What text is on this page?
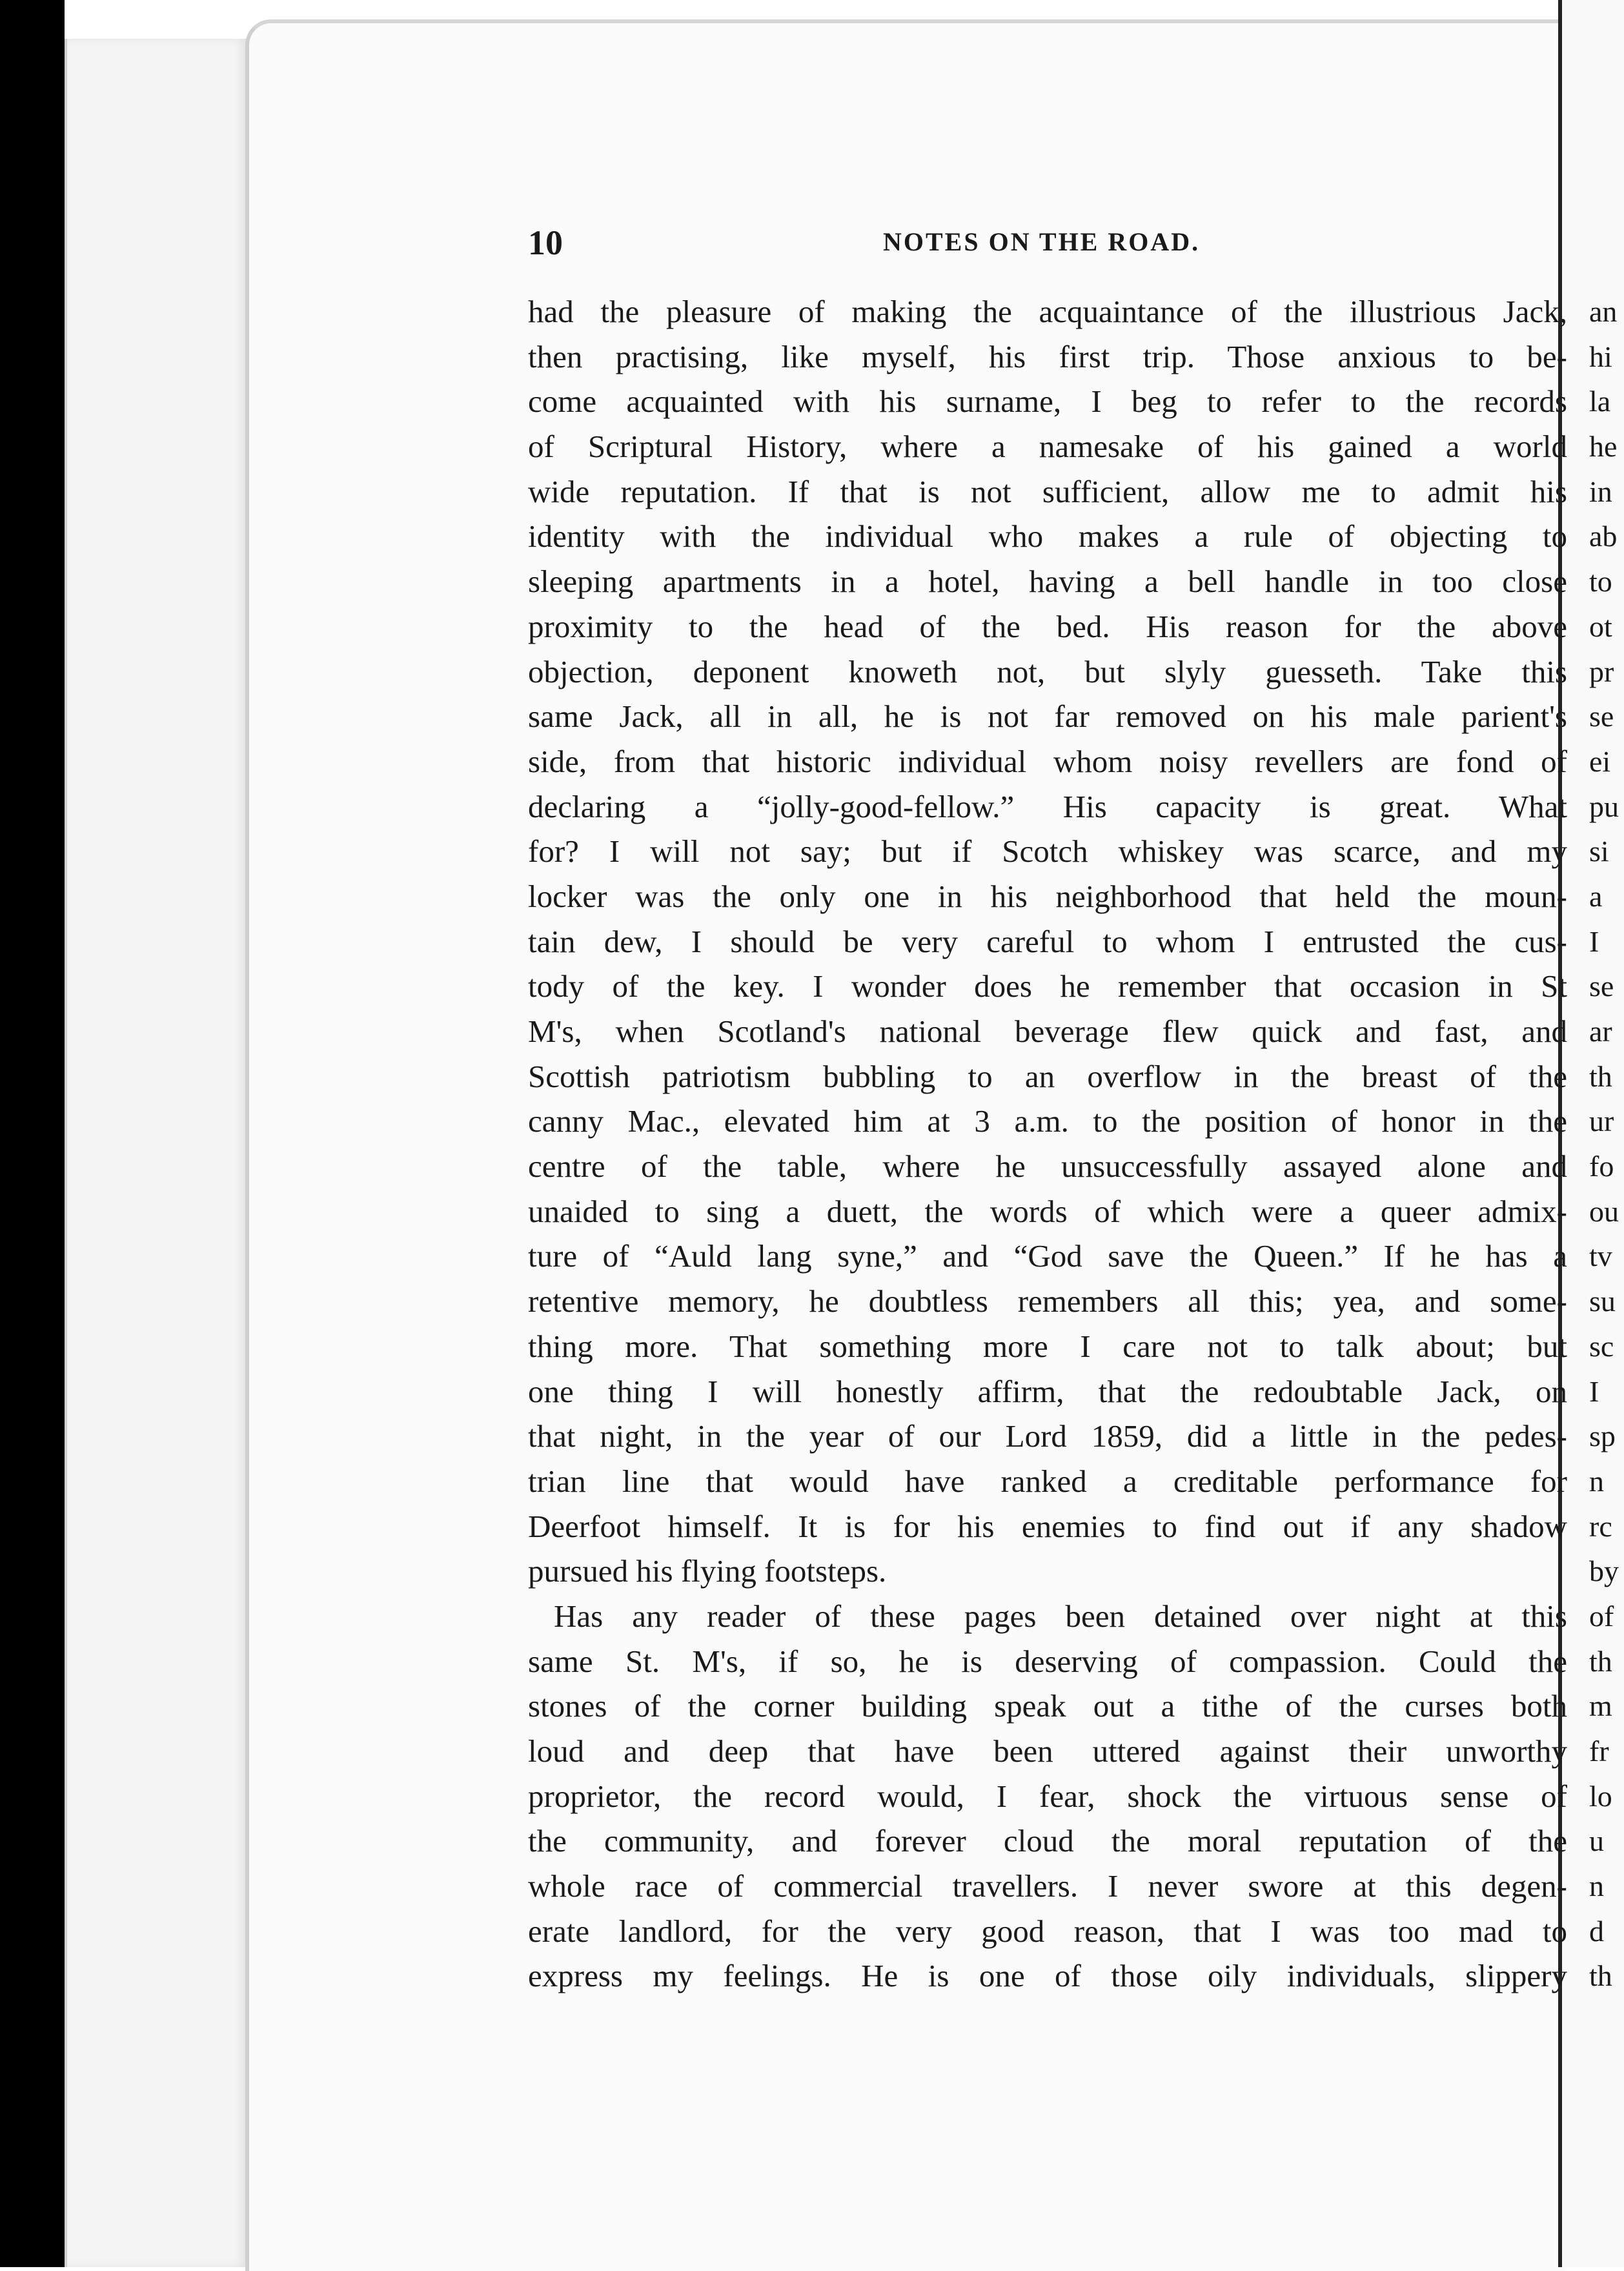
10	NOTES ON THE ROAD.
had the pleasure of making the acquaintance of the illustrious Jack,
then practising, like myself, his first trip. Those anxious to be-
come acquainted with his surname, I beg to refer to the records
of Scriptural History, where a namesake of his gained a world
wide reputation. If that is not sufficient, allow me to admit his
identity with the individual who makes a rule of objecting to
sleeping apartments in a hotel, having a bell handle in too close
proximity to the head of the bed. His reason for the above
objection, deponent knoweth not, but slyly guesseth. Take this
same Jack, all in all, he is not far removed on his male parient's
side, from that historic individual whom noisy revellers are fond of
declaring a “jolly-good-fellow.” His capacity is great. What
for? I will not say; but if Scotch whiskey was scarce, and my
locker was the only one in his neighborhood that held the moun-
tain dew, I should be very careful to whom I entrusted the cus-
tody of the key. I wonder does he remember that occasion in St
M's, when Scotland's national beverage flew quick and fast, and
Scottish patriotism bubbling to an overflow in the breast of the
canny Mac., elevated him at 3 a.m. to the position of honor in the
centre of the table, where he unsuccessfully assayed alone and
unaided to sing a duett, the words of which were a queer admix-
ture of “Auld lang syne,” and “God save the Queen.” If he has a
retentive memory, he doubtless remembers all this; yea, and some-
thing more. That something more I care not to talk about; but
one thing I will honestly affirm, that the redoubtable Jack, on
that night, in the year of our Lord 1859, did a little in the pedes-
trian line that would have ranked a creditable performance for
Deerfoot himself. It is for his enemies to find out if any shadow
pursued his flying footsteps.
Has any reader of these pages been detained over night at this
same St. M's, if so, he is deserving of compassion. Could the
stones of the corner building speak out a tithe of the curses both
loud and deep that have been uttered against their unworthy
proprietor, the record would, I fear, shock the virtuous sense of
the community, and forever cloud the moral reputation of the
whole race of commercial travellers. I never swore at this degen-
erate landlord, for the very good reason, that I was too mad to
express my feelings. He is one of those oily individuals, slippery
an
hi
la
he
in
ab
to
ot
pr
se
ei
pu
si
a
I
se
ar
th
ur
fo
ou
tv
su
sc
I
sp
n
rc
by
of
th
m
fr
lo
u
n
d
th
